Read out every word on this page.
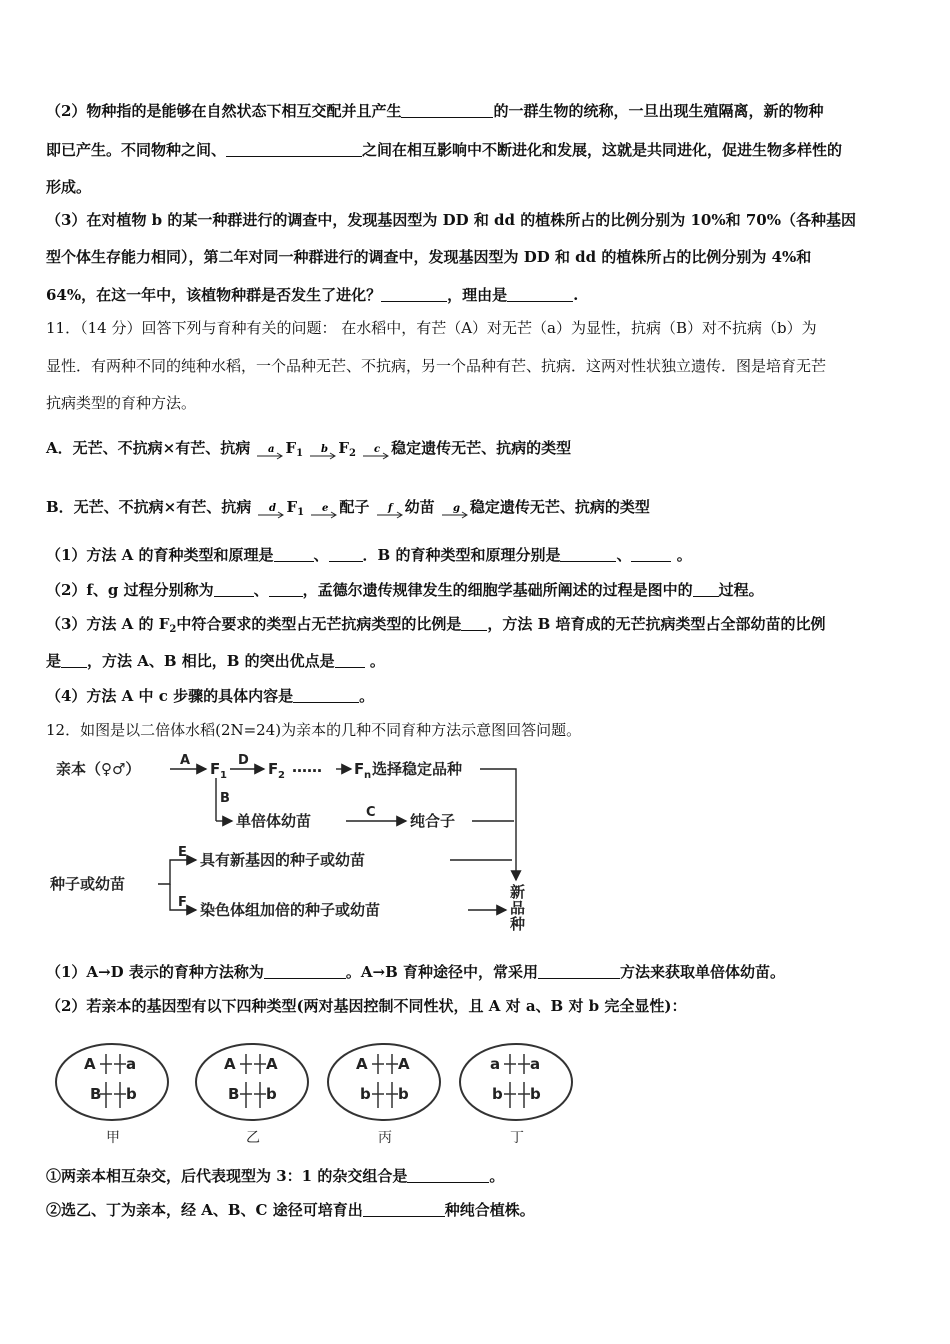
（2）物种指的是能够在自然状态下相互交配并且产生	的一群生物的统称，一旦出现生殖隔离，新的物种
即已产生。不同物种之间、	之间在相互影响中不断进化和发展，这就是共同进化，促进生物多样性的
形成。
（3）在对植物 b 的某一种群进行的调查中，发现基因型为 DD 和 dd 的植株所占的比例分别为 10%和 70%（各种基因
型个体生存能力相同），第二年对同一种群进行的调查中，发现基因型为 DD 和 dd 的植株所占的比例分别为 4%和
64%，在这一年中，该植物种群是否发生了进化？	，理由是	.
11．（14 分）回答下列与育种有关的问题： 在水稻中，有芒（A）对无芒（a）为显性，抗病（B）对不抗病（b）为
显性．有两种不同的纯种水稻，一个品种无芒、不抗病，另一个品种有芒、抗病．这两对性状独立遗传．图是培育无芒
抗病类型的育种方法。
A．无芒、不抗病×有芒、抗病 a $F_1$ b $F_2$ c 稳定遗传无芒、抗病的类型
B．无芒、不抗病×有芒、抗病 d $F_1$ e 配子 f 幼苗 g 稳定遗传无芒、抗病的类型
（1）方法 A 的育种类型和原理是	、 ．B 的育种类型和原理分别是	、	。
（2）f、g 过程分别称为	、 ，孟德尔遗传规律发生的细胞学基础所阐述的过程是图中的 过程。
（3）方法 A 的 $F_2$中符合要求的类型占无芒抗病类型的比例是 ，方法 B 培育成的无芒抗病类型占全部幼苗的比例
是 ，方法 A、B 相比，B 的突出优点是 。
（4）方法 A 中 c 步骤的具体内容是	。
12．如图是以二倍体水稻(2N=24)为亲本的几种不同育种方法示意图回答问题。
亲本（♀♂）	A F 1
D F 2 …… F n 选择稳定品种
B
单倍体幼苗	C 纯合子
种子或幼苗
E 具有新基因的种子或幼苗
F 染色体组加倍的种子或幼苗
新
品
种
（1）A→D 表示的育种方法称为	。A→B 育种途径中，常采用	方法来获取单倍体幼苗。
（2）若亲本的基因型有以下四种类型(两对基因控制不同性状，且 A 对 a、B 对 b 完全显性)：
A a
B b
甲
A A
B b
乙
A A
b b
丙
a a
b b
丁
①两亲本相互杂交，后代表现型为 3：1 的杂交组合是	。
②选乙、丁为亲本，经 A、B、C 途径可培育出	种纯合植株。
